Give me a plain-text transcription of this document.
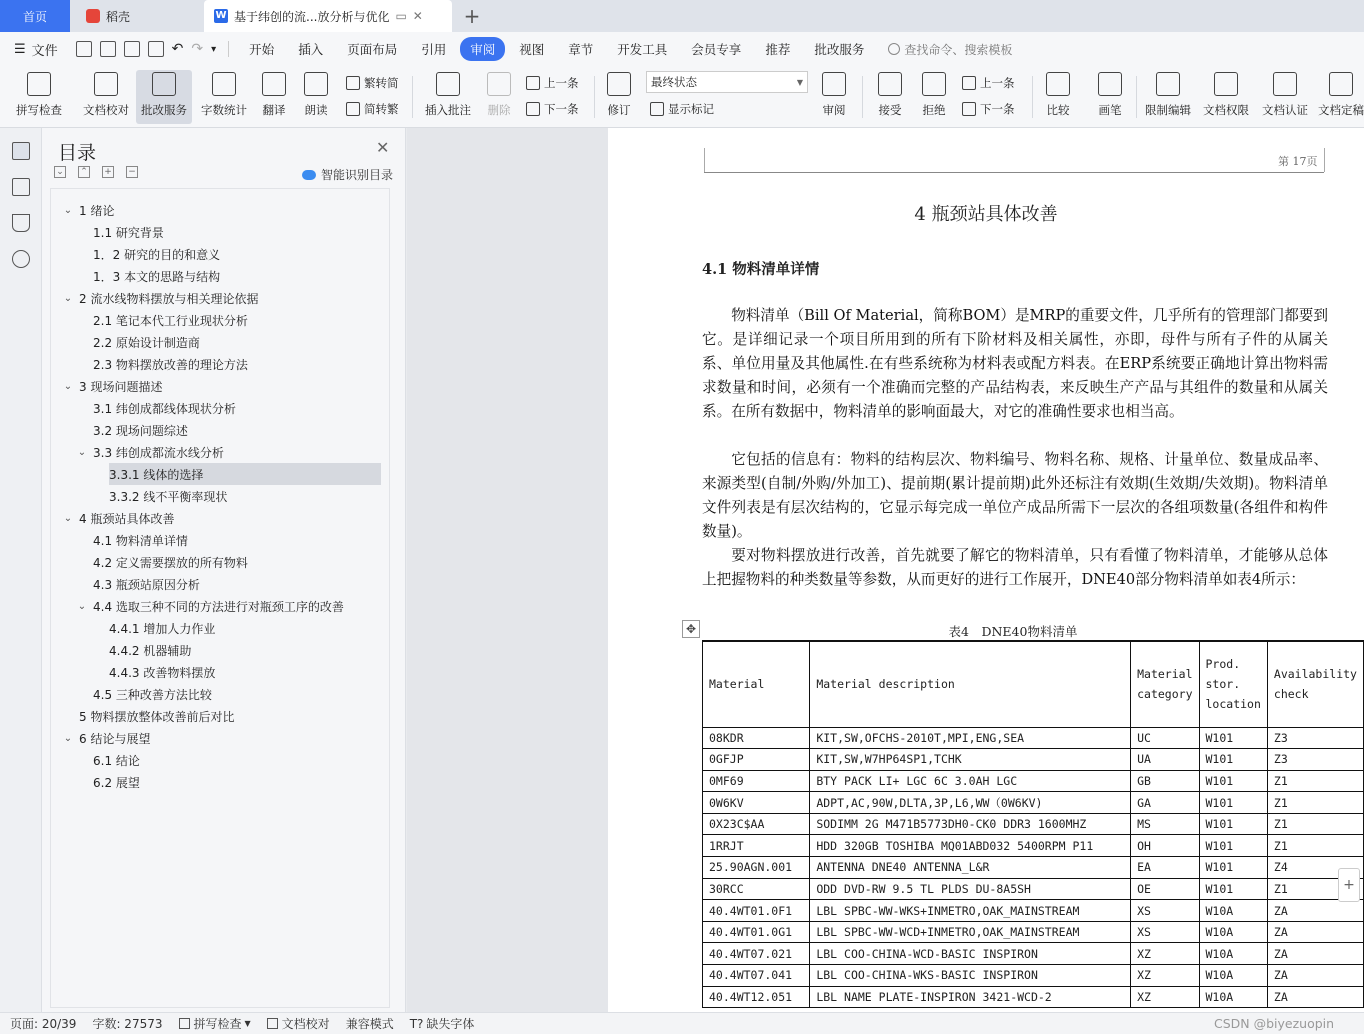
首页	稻壳	W 基于纬创的流...放分析与优化 ▭ ✕ +
☰ 文件	↶ ↷ ▾	开始	插入	页面布局	引用	审阅	视图	章节	开发工具	会员专享	推荐	批改服务	查找命令、搜索模板
拼写检查 文档校对 批改服务 字数统计 翻译 朗读
繁转简
简转繁 插入批注 删除
上一条
下一条	修订
最终状态	▼
显示标记	审阅	接受 拒绝
上一条
下一条	比较	画笔 限制编辑 文档权限 文档认证 文档定稿
目录	✕
⌄ ⌃ + −	智能识别目录
⌄ 1 绪论
1.1 研究背景
1．2 研究的目的和意义
1．3 本文的思路与结构
⌄ 2 流水线物料摆放与相关理论依据
2.1 笔记本代工行业现状分析
2.2 原始设计制造商
2.3 物料摆放改善的理论方法
⌄ 3 现场问题描述
3.1 纬创成都线体现状分析
3.2 现场问题综述
⌄ 3.3 纬创成都流水线分析
3.3.1 线体的选择
3.3.2 线不平衡率现状
⌄ 4 瓶颈站具体改善
4.1 物料清单详情
4.2 定义需要摆放的所有物料
4.3 瓶颈站原因分析
⌄ 4.4 选取三种不同的方法进行对瓶颈工序的改善
4.4.1 增加人力作业
4.4.2 机器辅助
4.4.3 改善物料摆放
4.5 三种改善方法比较
5 物料摆放整体改善前后对比
⌄ 6 结论与展望
6.1 结论
6.2 展望
第 17页
4 瓶颈站具体改善
4.1 物料清单详情
物料清单（Bill Of Material，简称BOM）是MRP的重要文件，几乎所有的管理部门都要到它。是详细记录一个项目所用到的所有下阶材料及相关属性，亦即，母件与所有子件的从属关系、单位用量及其他属性.在有些系统称为材料表或配方料表。在ERP系统要正确地计算出物料需求数量和时间，必须有一个准确而完整的产品结构表，来反映生产产品与其组件的数量和从属关系。在所有数据中，物料清单的影响面最大，对它的准确性要求也相当高。
它包括的信息有：物料的结构层次、物料编号、物料名称、规格、计量单位、数量成品率、来源类型(自制/外购/外加工)、提前期(累计提前期)此外还标注有效期(生效期/失效期)。物料清单文件列表是有层次结构的，它显示每完成一单位产成品所需下一层次的各组项数量(各组件和构件数量)。
要对物料摆放进行改善，首先就要了解它的物料清单，只有看懂了物料清单，才能够从总体上把握物料的种类数量等参数，从而更好的进行工作展开，DNE40部分物料清单如表4所示：
表4　DNE40物料清单
Material	Material description	Material category	Prod. stor. location	Availability check
08KDR	KIT,SW,OFCHS-2010T,MPI,ENG,SEA	UC	W101	Z3
0GFJP	KIT,SW,W7HP64SP1,TCHK	UA	W101	Z3
0MF69	BTY PACK LI+ LGC 6C 3.0AH LGC	GB	W101	Z1
0W6KV	ADPT,AC,90W,DLTA,3P,L6,WW（0W6KV)	GA	W101	Z1
0X23C$AA	SODIMM 2G M471B5773DH0-CK0 DDR3 1600MHZ	MS	W101	Z1
1RRJT	HDD 320GB TOSHIBA MQ01ABD032 5400RPM P11	OH	W101	Z1
25.90AGN.001	ANTENNA DNE40 ANTENNA_L&R	EA	W101	Z4
30RCC	ODD DVD-RW 9.5 TL PLDS DU-8A5SH	OE	W101	Z1
40.4WT01.0F1	LBL SPBC-WW-WKS+INMETRO,OAK_MAINSTREAM	XS	W10A	ZA
40.4WT01.0G1	LBL SPBC-WW-WCD+INMETRO,OAK_MAINSTREAM	XS	W10A	ZA
40.4WT07.021	LBL COO-CHINA-WCD-BASIC INSPIRON	XZ	W10A	ZA
40.4WT07.041	LBL COO-CHINA-WKS-BASIC INSPIRON	XZ	W10A	ZA
40.4WT12.051	LBL NAME PLATE-INSPIRON 3421-WCD-2	XZ	W10A	ZA
✥
+
页面: 20/39 字数: 27573	拼写检查 ▼	文档校对 兼容模式 T? 缺失字体	CSDN @biyezuopin
